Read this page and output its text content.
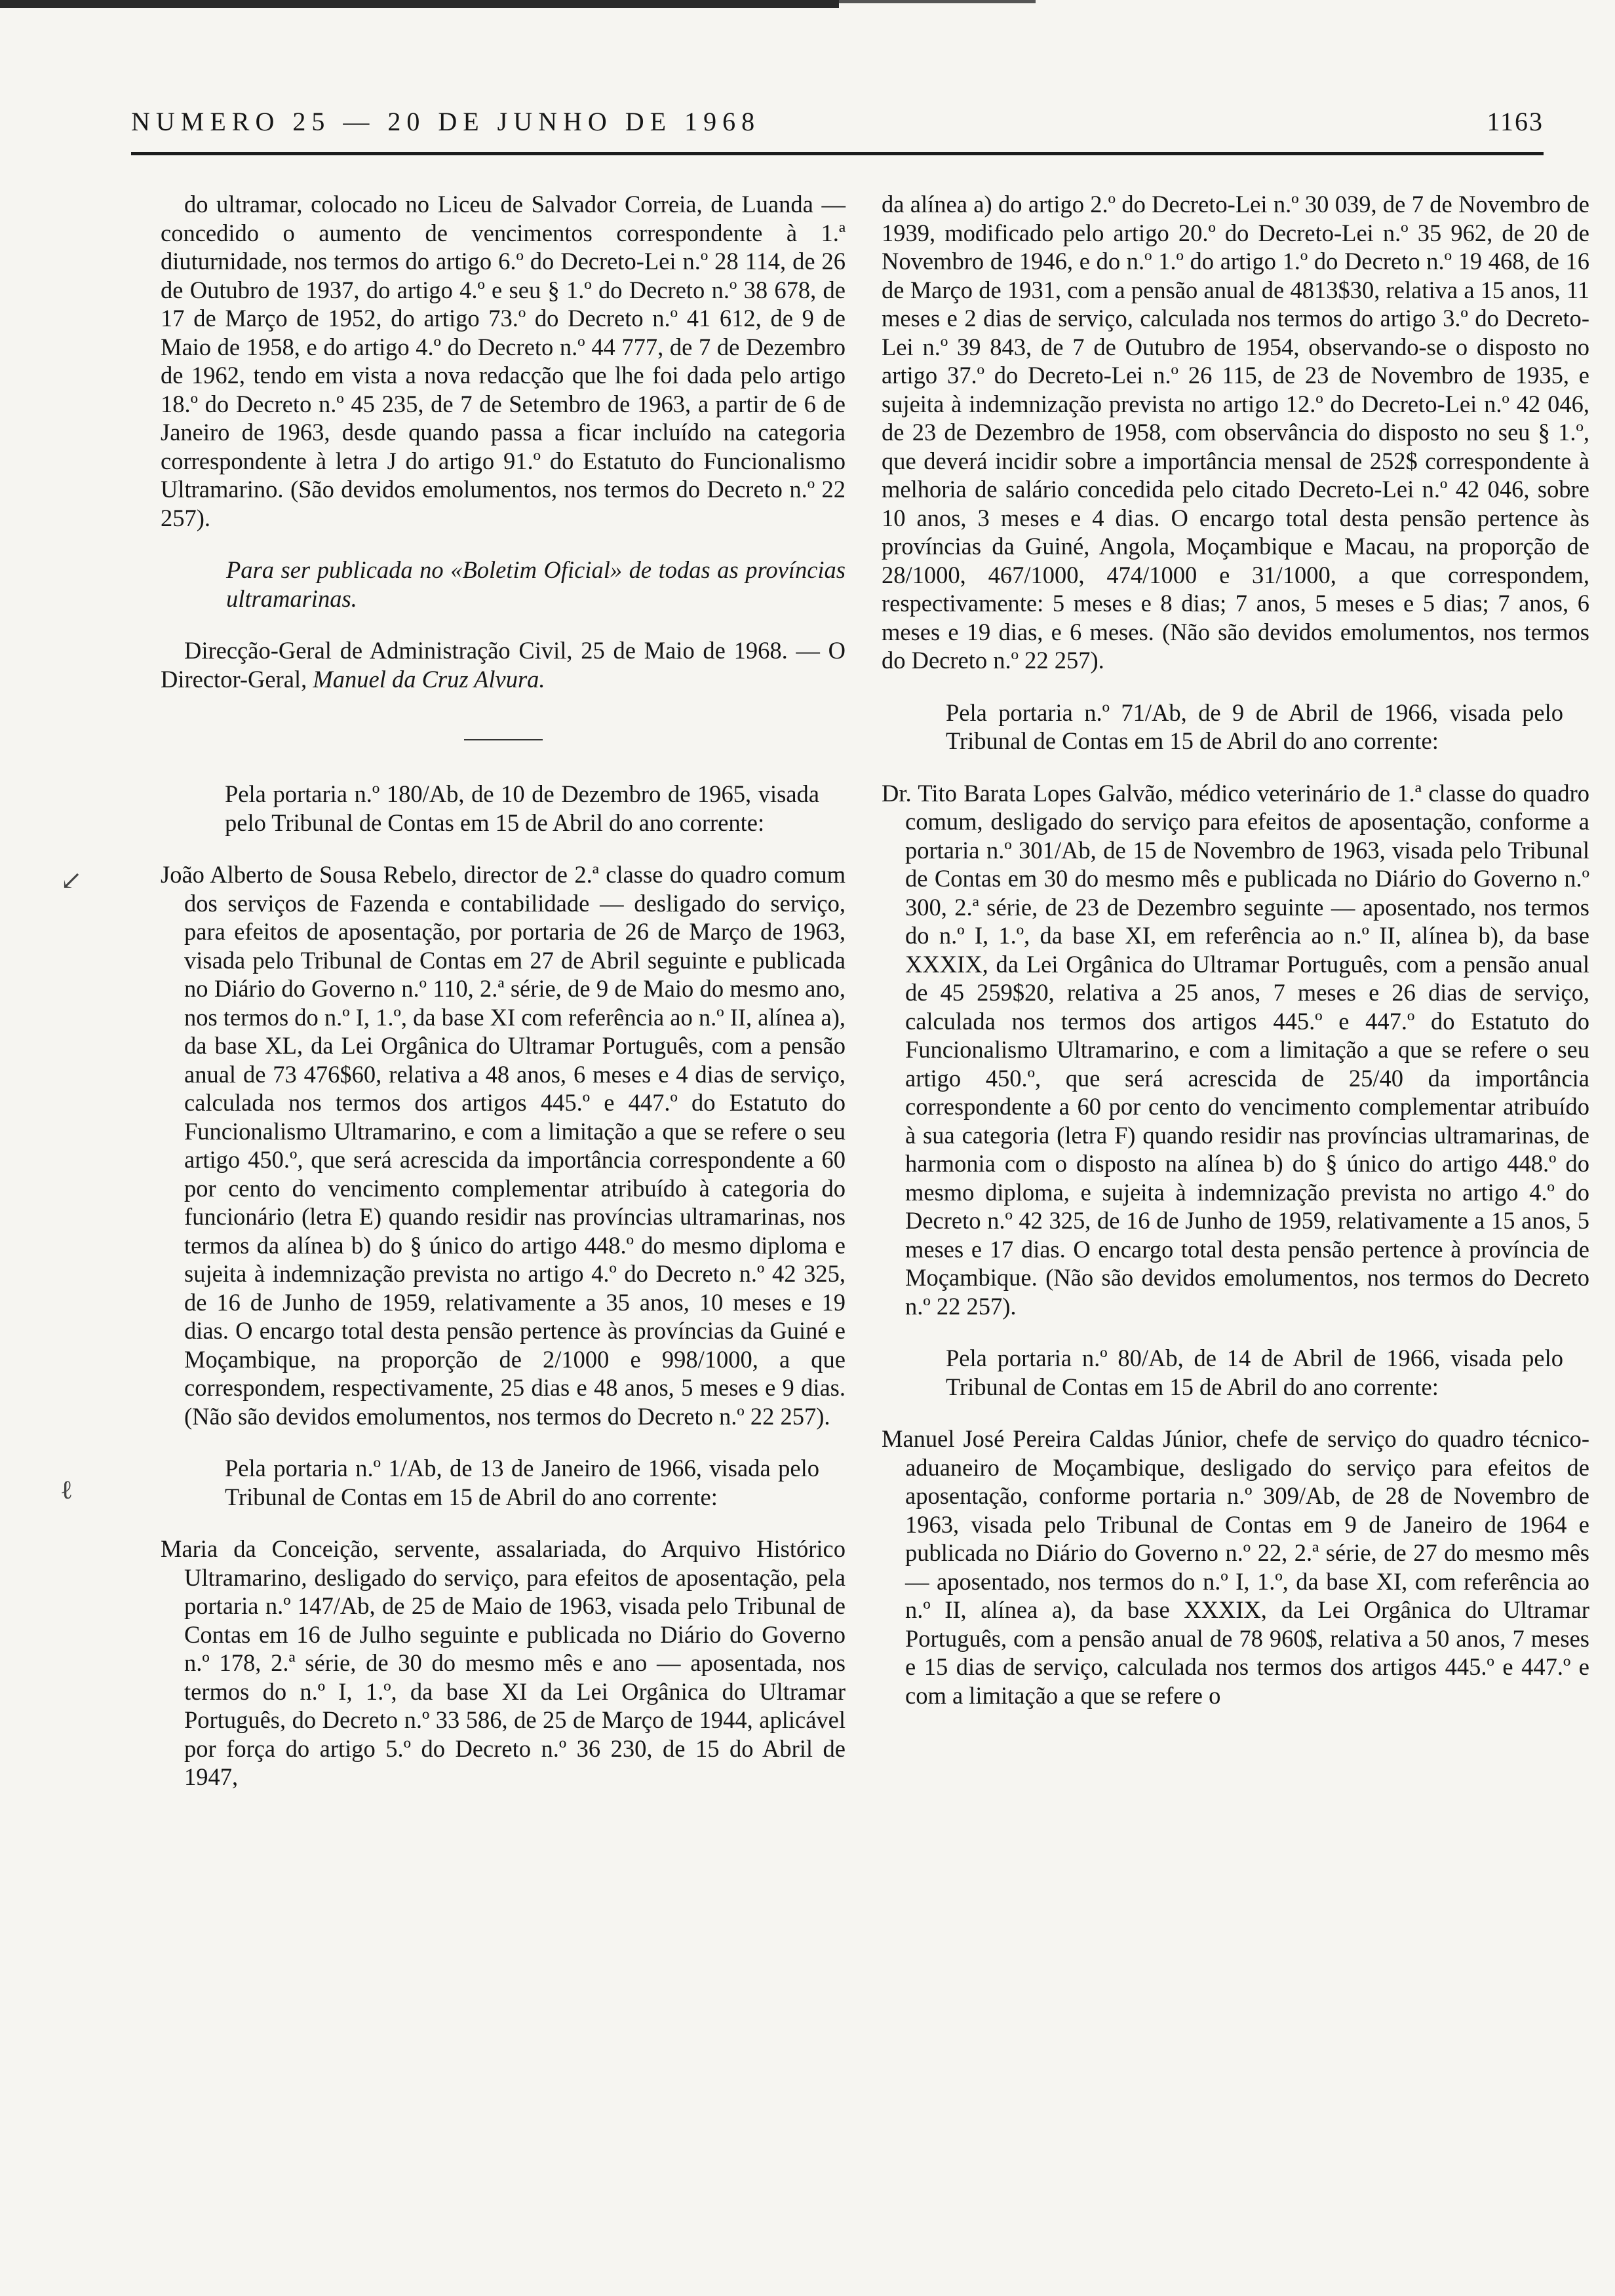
NUMERO 25 — 20 DE JUNHO DE 1968	1163
↙
ℓ

do ultramar, colocado no Liceu de Salvador Correia, de Luanda — concedido o aumento de vencimentos correspondente à 1.ª diuturnidade, nos termos do artigo 6.º do Decreto-Lei n.º 28 114, de 26 de Outubro de 1937, do artigo 4.º e seu § 1.º do Decreto n.º 38 678, de 17 de Março de 1952, do artigo 73.º do Decreto n.º 41 612, de 9 de Maio de 1958, e do artigo 4.º do Decreto n.º 44 777, de 7 de Dezembro de 1962, tendo em vista a nova redacção que lhe foi dada pelo artigo 18.º do Decreto n.º 45 235, de 7 de Setembro de 1963, a partir de 6 de Janeiro de 1963, desde quando passa a ficar incluído na categoria correspondente à letra J do artigo 91.º do Estatuto do Funcionalismo Ultramarino. (São devidos emolumentos, nos termos do Decreto n.º 22 257).

Para ser publicada no «Boletim Oficial» de todas as províncias ultramarinas.

Direcção-Geral de Administração Civil, 25 de Maio de 1968. — O Director-Geral, Manuel da Cruz Alvura.

Pela portaria n.º 180/Ab, de 10 de Dezembro de 1965, visada pelo Tribunal de Contas em 15 de Abril do ano corrente:

João Alberto de Sousa Rebelo, director de 2.ª classe do quadro comum dos serviços de Fazenda e contabilidade — desligado do serviço, para efeitos de aposentação, por portaria de 26 de Março de 1963, visada pelo Tribunal de Contas em 27 de Abril seguinte e publicada no Diário do Governo n.º 110, 2.ª série, de 9 de Maio do mesmo ano, nos termos do n.º I, 1.º, da base XI com referência ao n.º II, alínea a), da base XL, da Lei Orgânica do Ultramar Português, com a pensão anual de 73 476$60, relativa a 48 anos, 6 meses e 4 dias de serviço, calculada nos termos dos artigos 445.º e 447.º do Estatuto do Funcionalismo Ultramarino, e com a limitação a que se refere o seu artigo 450.º, que será acrescida da importância correspondente a 60 por cento do vencimento complementar atribuído à categoria do funcionário (letra E) quando residir nas províncias ultramarinas, nos termos da alínea b) do § único do artigo 448.º do mesmo diploma e sujeita à indemnização prevista no artigo 4.º do Decreto n.º 42 325, de 16 de Junho de 1959, relativamente a 35 anos, 10 meses e 19 dias. O encargo total desta pensão pertence às províncias da Guiné e Moçambique, na proporção de 2/1000 e 998/1000, a que correspondem, respectivamente, 25 dias e 48 anos, 5 meses e 9 dias. (Não são devidos emolumentos, nos termos do Decreto n.º 22 257).

Pela portaria n.º 1/Ab, de 13 de Janeiro de 1966, visada pelo Tribunal de Contas em 15 de Abril do ano corrente:

Maria da Conceição, servente, assalariada, do Arquivo Histórico Ultramarino, desligado do serviço, para efeitos de aposentação, pela portaria n.º 147/Ab, de 25 de Maio de 1963, visada pelo Tribunal de Contas em 16 de Julho seguinte e publicada no Diário do Governo n.º 178, 2.ª série, de 30 do mesmo mês e ano — aposentada, nos termos do n.º I, 1.º, da base XI da Lei Orgânica do Ultramar Português, do Decreto n.º 33 586, de 25 de Março de 1944, aplicável por força do artigo 5.º do Decreto n.º 36 230, de 15 do Abril de 1947,

da alínea a) do artigo 2.º do Decreto-Lei n.º 30 039, de 7 de Novembro de 1939, modificado pelo artigo 20.º do Decreto-Lei n.º 35 962, de 20 de Novembro de 1946, e do n.º 1.º do artigo 1.º do Decreto n.º 19 468, de 16 de Março de 1931, com a pensão anual de 4813$30, relativa a 15 anos, 11 meses e 2 dias de serviço, calculada nos termos do artigo 3.º do Decreto-Lei n.º 39 843, de 7 de Outubro de 1954, observando-se o disposto no artigo 37.º do Decreto-Lei n.º 26 115, de 23 de Novembro de 1935, e sujeita à indemnização prevista no artigo 12.º do Decreto-Lei n.º 42 046, de 23 de Dezembro de 1958, com observância do disposto no seu § 1.º, que deverá incidir sobre a importância mensal de 252$ correspondente à melhoria de salário concedida pelo citado Decreto-Lei n.º 42 046, sobre 10 anos, 3 meses e 4 dias. O encargo total desta pensão pertence às províncias da Guiné, Angola, Moçambique e Macau, na proporção de 28/1000, 467/1000, 474/1000 e 31/1000, a que correspondem, respectivamente: 5 meses e 8 dias; 7 anos, 5 meses e 5 dias; 7 anos, 6 meses e 19 dias, e 6 meses. (Não são devidos emolumentos, nos termos do Decreto n.º 22 257).

Pela portaria n.º 71/Ab, de 9 de Abril de 1966, visada pelo Tribunal de Contas em 15 de Abril do ano corrente:

Dr. Tito Barata Lopes Galvão, médico veterinário de 1.ª classe do quadro comum, desligado do serviço para efeitos de aposentação, conforme a portaria n.º 301/Ab, de 15 de Novembro de 1963, visada pelo Tribunal de Contas em 30 do mesmo mês e publicada no Diário do Governo n.º 300, 2.ª série, de 23 de Dezembro seguinte — aposentado, nos termos do n.º I, 1.º, da base XI, em referência ao n.º II, alínea b), da base XXXIX, da Lei Orgânica do Ultramar Português, com a pensão anual de 45 259$20, relativa a 25 anos, 7 meses e 26 dias de serviço, calculada nos termos dos artigos 445.º e 447.º do Estatuto do Funcionalismo Ultramarino, e com a limitação a que se refere o seu artigo 450.º, que será acrescida de 25/40 da importância correspondente a 60 por cento do vencimento complementar atribuído à sua categoria (letra F) quando residir nas províncias ultramarinas, de harmonia com o disposto na alínea b) do § único do artigo 448.º do mesmo diploma, e sujeita à indemnização prevista no artigo 4.º do Decreto n.º 42 325, de 16 de Junho de 1959, relativamente a 15 anos, 5 meses e 17 dias. O encargo total desta pensão pertence à província de Moçambique. (Não são devidos emolumentos, nos termos do Decreto n.º 22 257).

Pela portaria n.º 80/Ab, de 14 de Abril de 1966, visada pelo Tribunal de Contas em 15 de Abril do ano corrente:

Manuel José Pereira Caldas Júnior, chefe de serviço do quadro técnico-aduaneiro de Moçambique, desligado do serviço para efeitos de aposentação, conforme portaria n.º 309/Ab, de 28 de Novembro de 1963, visada pelo Tribunal de Contas em 9 de Janeiro de 1964 e publicada no Diário do Governo n.º 22, 2.ª série, de 27 do mesmo mês — aposentado, nos termos do n.º I, 1.º, da base XI, com referência ao n.º II, alínea a), da base XXXIX, da Lei Orgânica do Ultramar Português, com a pensão anual de 78 960$, relativa a 50 anos, 7 meses e 15 dias de serviço, calculada nos termos dos artigos 445.º e 447.º e com a limitação a que se refere o
